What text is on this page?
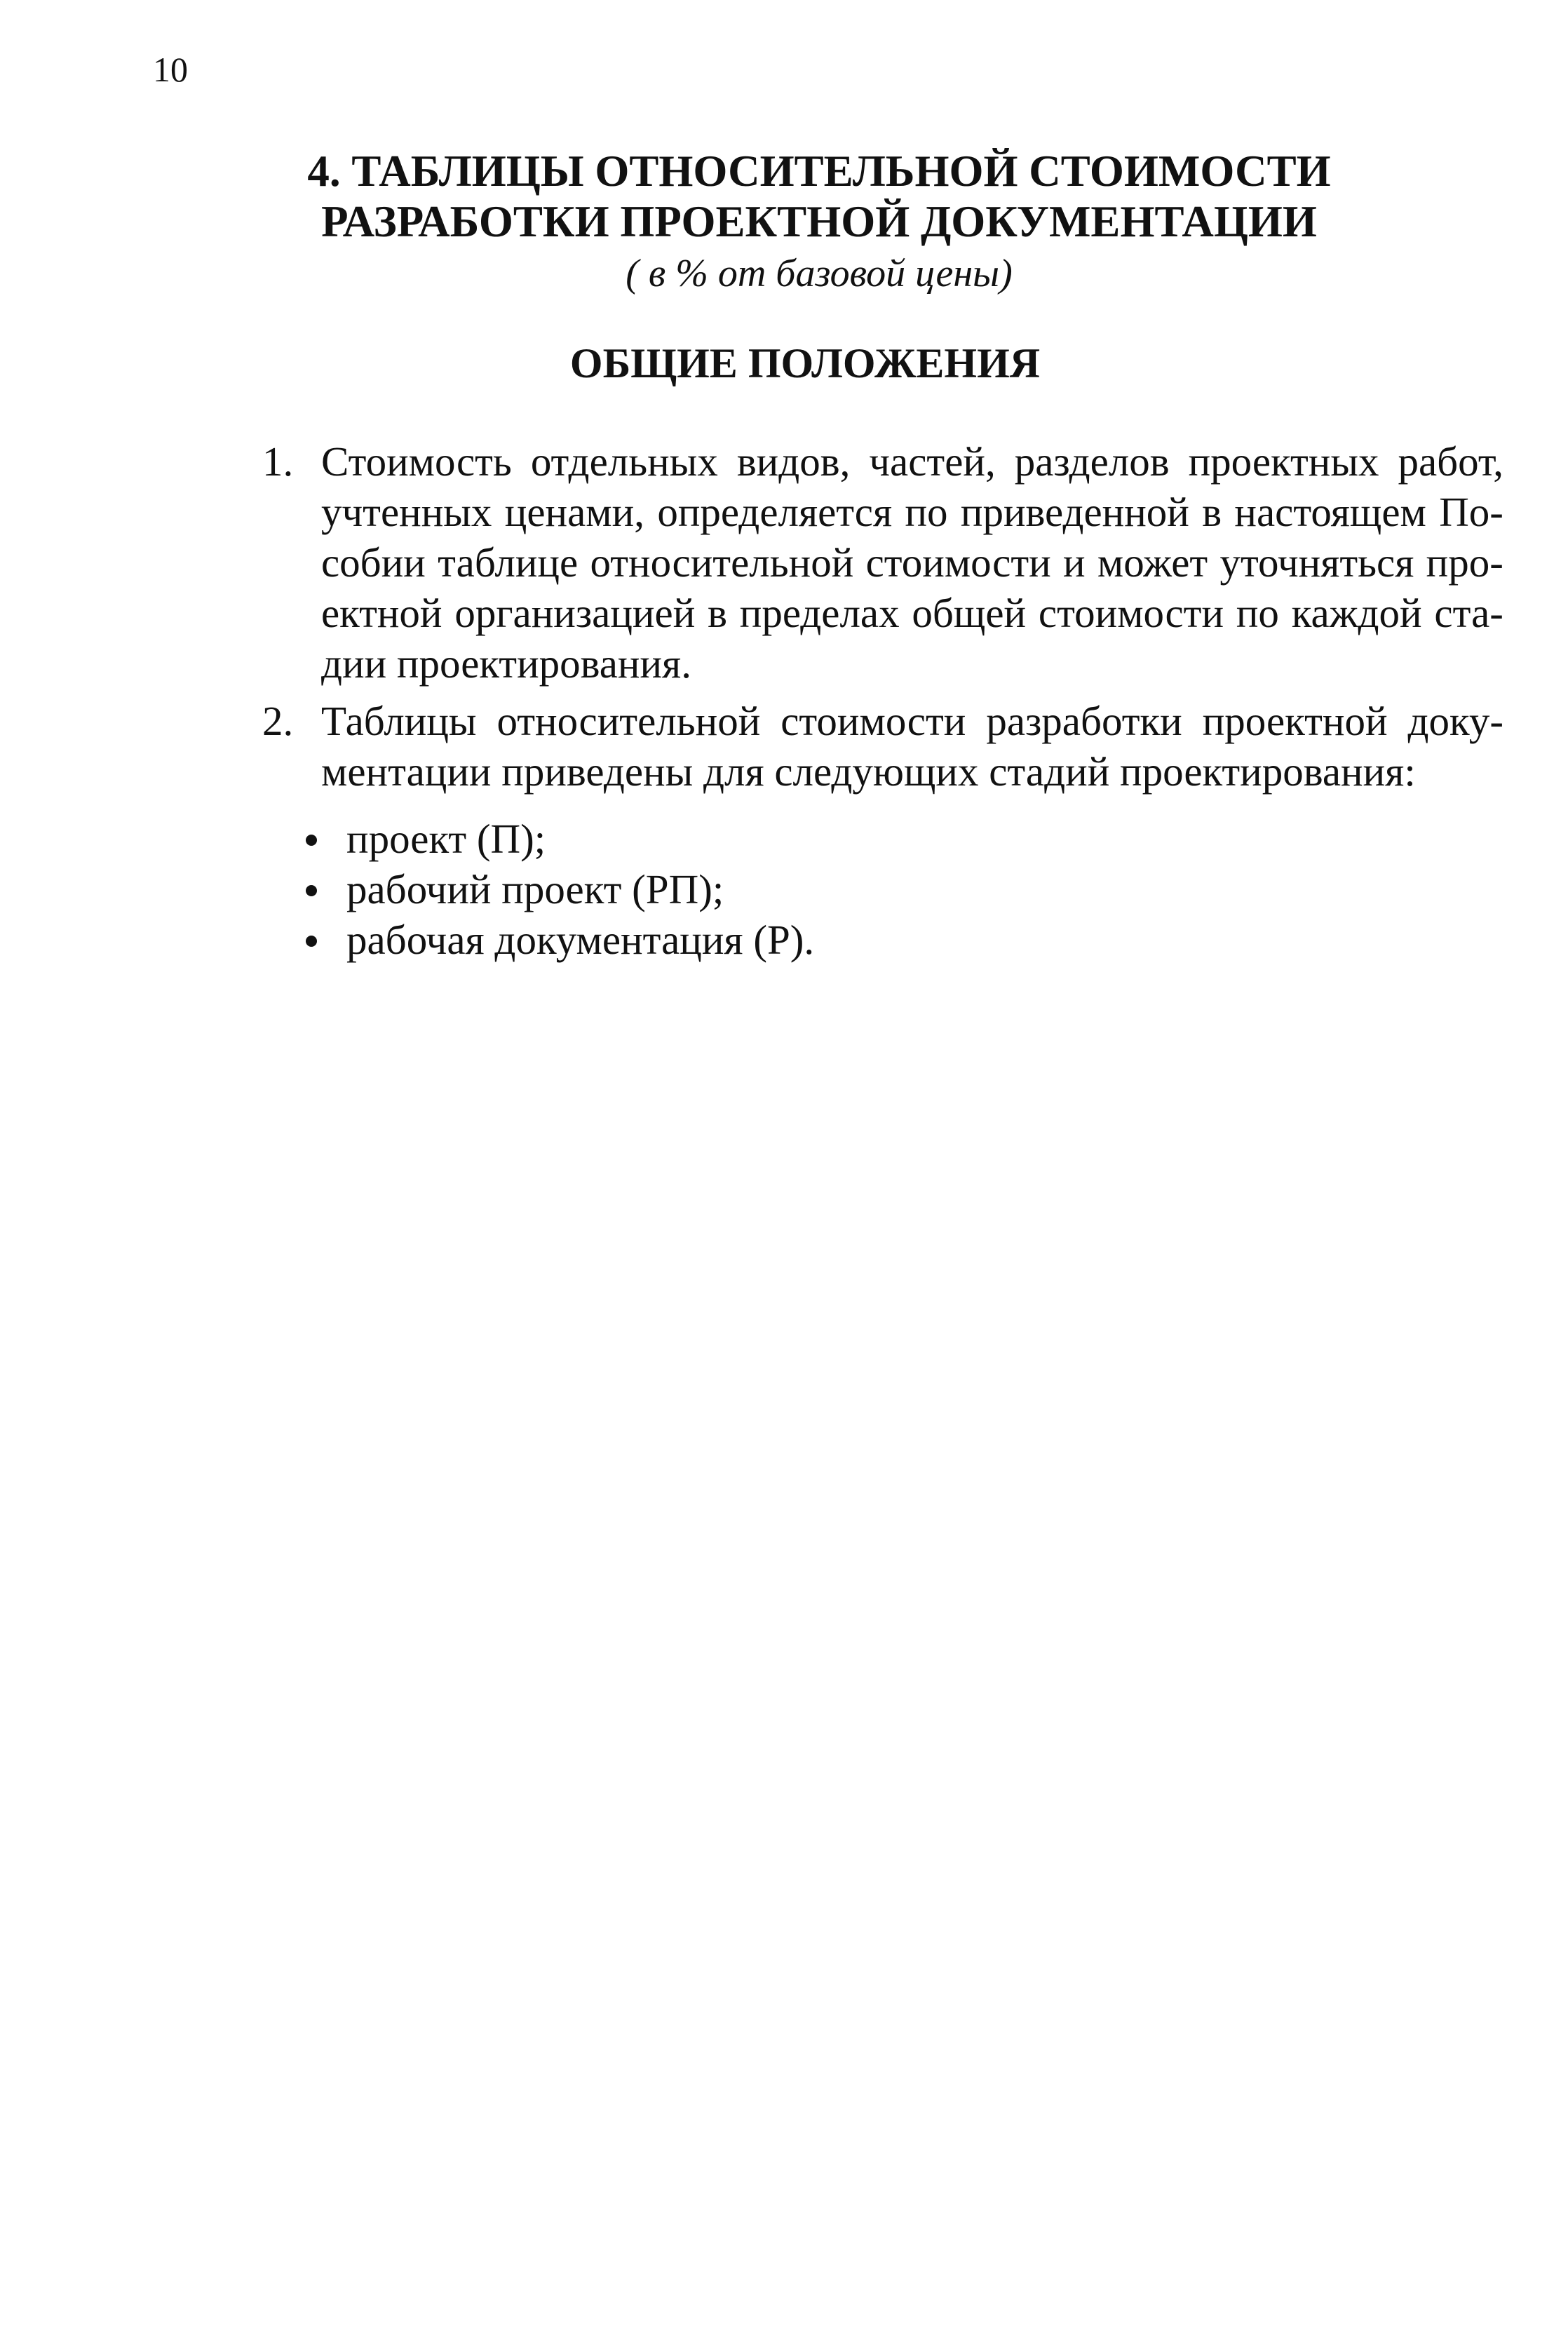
10
4. ТАБЛИЦЫ ОТНОСИТЕЛЬНОЙ СТОИМОСТИ
РАЗРАБОТКИ ПРОЕКТНОЙ ДОКУМЕНТАЦИИ
( в % от базовой цены)
ОБЩИЕ ПОЛОЖЕНИЯ
1. Стоимость отдельных видов, частей, разделов проектных работ,
учтенных ценами, определяется по приведенной в настоящем По-
собии таблице относительной стоимости и может уточняться про-
ектной организацией в пределах общей стоимости по каждой ста-
дии проектирования.
2. Таблицы относительной стоимости разработки проектной доку-
ментации приведены для следующих стадий проектирования:
проект (П);
рабочий проект (РП);
рабочая документация (Р).
